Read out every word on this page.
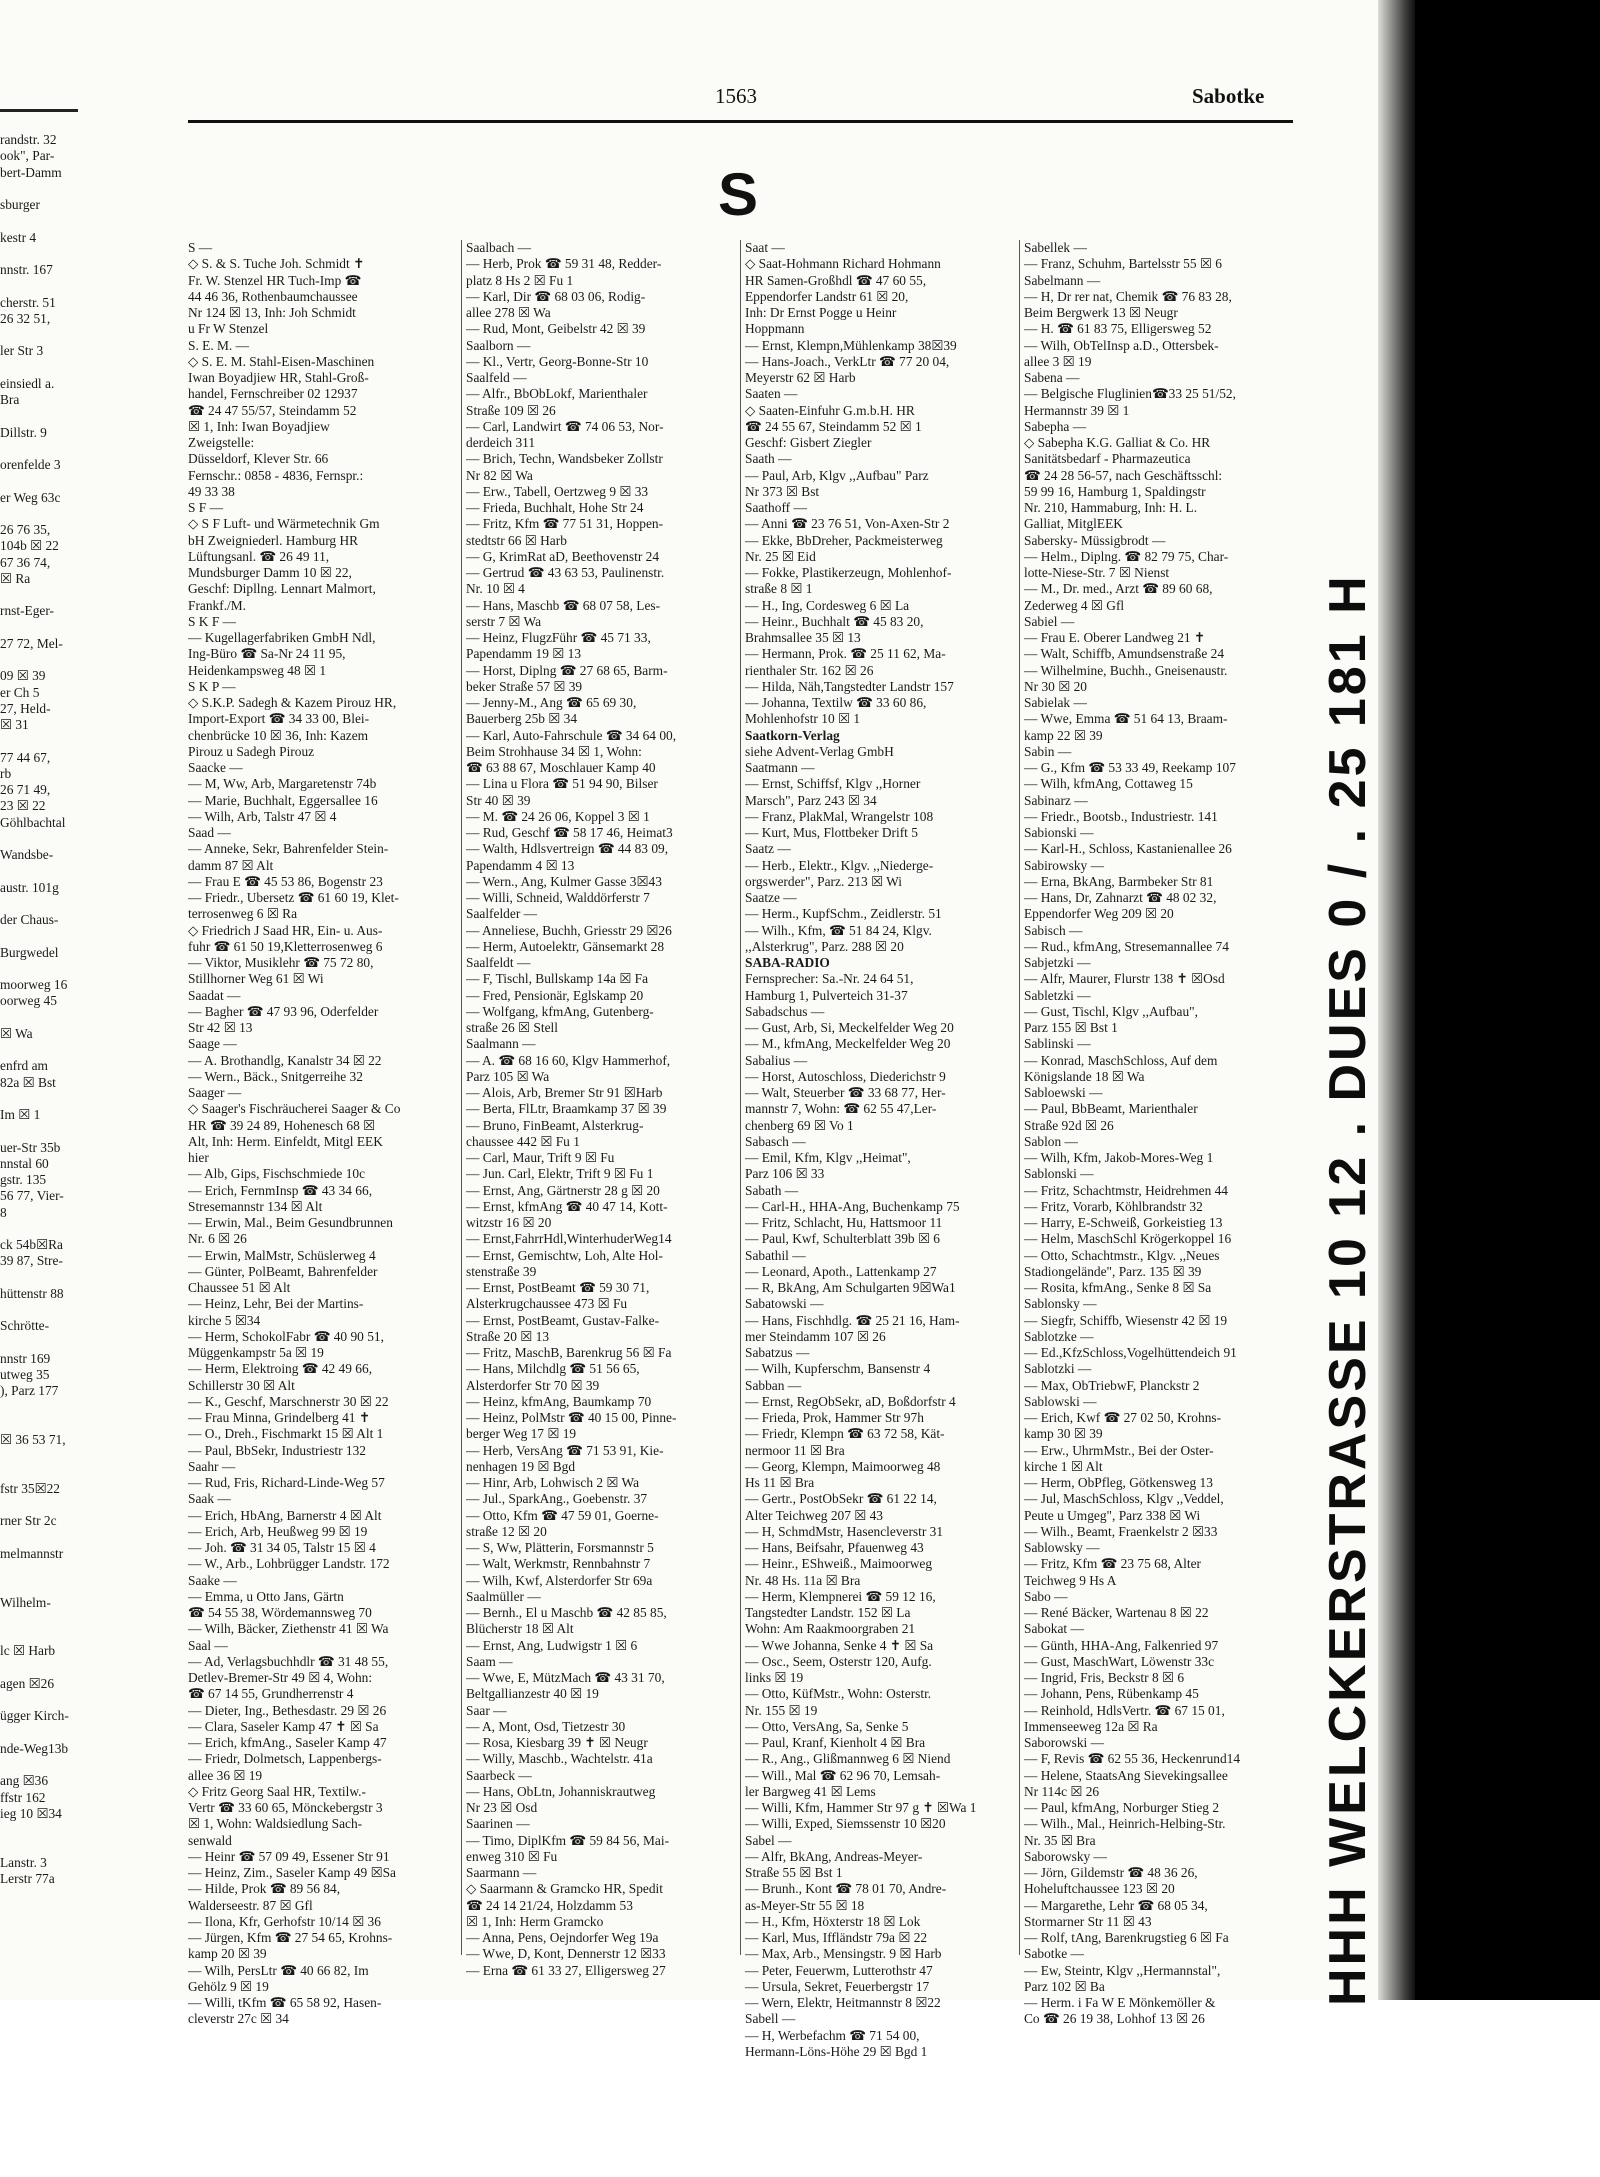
randstr. 32
ook", Par-
bert-Damm

sburger

kestr 4

nnstr. 167

cherstr. 51
26 32 51,

ler Str 3

einsiedl a.
Bra

Dillstr. 9

orenfelde 3

er Weg 63c

26 76 35,
104b ☒ 22
67 36 74,
☒ Ra

rnst-Eger-

27 72, Mel-

09 ☒ 39
er Ch 5
27, Held-
☒ 31

77 44 67,
rb
26 71 49,
23 ☒ 22
Göhlbachtal

Wandsbe-

austr. 101g

der Chaus-

Burgwedel

moorweg 16
oorweg 45

☒ Wa

enfrd am
82a ☒ Bst

Im ☒ 1

uer-Str 35b
nnstal 60
gstr. 135
56 77, Vier-
8

ck 54b☒Ra
39 87, Stre-

hüttenstr 88

Schrötte-

nnstr 169
utweg 35
), Parz 177

☒ 36 53 71,

fstr 35☒22

rner Str 2c

melmannstr

Wilhelm-

lc ☒ Harb

agen ☒26

ügger Kirch-

nde-Weg13b

ang ☒36
ffstr 162
ieg 10 ☒34

Lanstr. 3
Lerstr 77a
1563	Sabotke
S
S —
◇ S. & S. Tuche Joh. Schmidt ✝
Fr. W. Stenzel HR Tuch-Imp ☎
44 46 36, Rothenbaumchaussee
Nr 124 ☒ 13, Inh: Joh Schmidt
u Fr W Stenzel
S. E. M. —
◇ S. E. M. Stahl-Eisen-Maschinen
Iwan Boyadjiew HR, Stahl-Groß-
handel, Fernschreiber 02 12937
☎ 24 47 55/57, Steindamm 52
☒ 1, Inh: Iwan Boyadjiew
Zweigstelle:
Düsseldorf, Klever Str. 66
Fernschr.: 0858 - 4836, Fernspr.:
49 33 38
S F —
◇ S F Luft- und Wärmetechnik Gm
bH Zweigniederl. Hamburg HR
Lüftungsanl. ☎ 26 49 11,
Mundsburger Damm 10 ☒ 22,
Geschf: Dipllng. Lennart Malmort,
Frankf./M.
S K F —
— Kugellagerfabriken GmbH Ndl,
Ing-Büro ☎ Sa-Nr 24 11 95,
Heidenkampsweg 48 ☒ 1
S K P —
◇ S.K.P. Sadegh & Kazem Pirouz HR,
Import-Export ☎ 34 33 00, Blei-
chenbrücke 10 ☒ 36, Inh: Kazem
Pirouz u Sadegh Pirouz
Saacke —
— M, Ww, Arb, Margaretenstr 74b
— Marie, Buchhalt, Eggersallee 16
— Wilh, Arb, Talstr 47 ☒ 4
Saad —
— Anneke, Sekr, Bahrenfelder Stein-
damm 87 ☒ Alt
— Frau E ☎ 45 53 86, Bogenstr 23
— Friedr., Ubersetz ☎ 61 60 19, Klet-
terrosenweg 6 ☒ Ra
◇ Friedrich J Saad HR, Ein- u. Aus-
fuhr ☎ 61 50 19,Kletterrosenweg 6
— Viktor, Musiklehr ☎ 75 72 80,
Stillhorner Weg 61 ☒ Wi
Saadat —
— Bagher ☎ 47 93 96, Oderfelder
Str 42 ☒ 13
Saage —
— A. Brothandlg, Kanalstr 34 ☒ 22
— Wern., Bäck., Snitgerreihe 32
Saager —
◇ Saager's Fischräucherei Saager & Co
HR ☎ 39 24 89, Hohenesch 68 ☒
Alt, Inh: Herm. Einfeldt, Mitgl EEK
hier
— Alb, Gips, Fischschmiede 10c
— Erich, FernmInsp ☎ 43 34 66,
Stresemannstr 134 ☒ Alt
— Erwin, Mal., Beim Gesundbrunnen
Nr. 6 ☒ 26
— Erwin, MalMstr, Schüslerweg 4
— Günter, PolBeamt, Bahrenfelder
Chaussee 51 ☒ Alt
— Heinz, Lehr, Bei der Martins-
kirche 5 ☒34
— Herm, SchokolFabr ☎ 40 90 51,
Müggenkampstr 5a ☒ 19
— Herm, Elektroing ☎ 42 49 66,
Schillerstr 30 ☒ Alt
— K., Geschf, Marschnerstr 30 ☒ 22
— Frau Minna, Grindelberg 41 ✝
— O., Dreh., Fischmarkt 15 ☒ Alt 1
— Paul, BbSekr, Industriestr 132
Saahr —
— Rud, Fris, Richard-Linde-Weg 57
Saak —
— Erich, HbAng, Barnerstr 4 ☒ Alt
— Erich, Arb, Heußweg 99 ☒ 19
— Joh. ☎ 31 34 05, Talstr 15 ☒ 4
— W., Arb., Lohbrügger Landstr. 172
Saake —
— Emma, u Otto Jans, Gärtn
☎ 54 55 38, Wördemannsweg 70
— Wilh, Bäcker, Ziethenstr 41 ☒ Wa
Saal —
— Ad, Verlagsbuchhdlr ☎ 31 48 55,
Detlev-Bremer-Str 49 ☒ 4, Wohn:
☎ 67 14 55, Grundherrenstr 4
— Dieter, Ing., Bethesdastr. 29 ☒ 26
— Clara, Saseler Kamp 47 ✝ ☒ Sa
— Erich, kfmAng., Saseler Kamp 47
— Friedr, Dolmetsch, Lappenbergs-
allee 36 ☒ 19
◇ Fritz Georg Saal HR, Textilw.-
Vertr ☎ 33 60 65, Mönckebergstr 3
☒ 1, Wohn: Waldsiedlung Sach-
senwald
— Heinr ☎ 57 09 49, Essener Str 91
— Heinz, Zim., Saseler Kamp 49 ☒Sa
— Hilde, Prok ☎ 89 56 84,
Walderseestr. 87 ☒ Gfl
— Ilona, Kfr, Gerhofstr 10/14 ☒ 36
— Jürgen, Kfm ☎ 27 54 65, Krohns-
kamp 20 ☒ 39
— Wilh, PersLtr ☎ 40 66 82, Im
Gehölz 9 ☒ 19
— Willi, tKfm ☎ 65 58 92, Hasen-
cleverstr 27c ☒ 34
Saalbach —
— Herb, Prok ☎ 59 31 48, Redder-
platz 8 Hs 2 ☒ Fu 1
— Karl, Dir ☎ 68 03 06, Rodig-
allee 278 ☒ Wa
— Rud, Mont, Geibelstr 42 ☒ 39
Saalborn —
— Kl., Vertr, Georg-Bonne-Str 10
Saalfeld —
— Alfr., BbObLokf, Marienthaler
Straße 109 ☒ 26
— Carl, Landwirt ☎ 74 06 53, Nor-
derdeich 311
— Brich, Techn, Wandsbeker Zollstr
Nr 82 ☒ Wa
— Erw., Tabell, Oertzweg 9 ☒ 33
— Frieda, Buchhalt, Hohe Str 24
— Fritz, Kfm ☎ 77 51 31, Hoppen-
stedtstr 66 ☒ Harb
— G, KrimRat aD, Beethovenstr 24
— Gertrud ☎ 43 63 53, Paulinenstr.
Nr. 10 ☒ 4
— Hans, Maschb ☎ 68 07 58, Les-
serstr 7 ☒ Wa
— Heinz, FlugzFühr ☎ 45 71 33,
Papendamm 19 ☒ 13
— Horst, Diplng ☎ 27 68 65, Barm-
beker Straße 57 ☒ 39
— Jenny-M., Ang ☎ 65 69 30,
Bauerberg 25b ☒ 34
— Karl, Auto-Fahrschule ☎ 34 64 00,
Beim Strohhause 34 ☒ 1, Wohn:
☎ 63 88 67, Moschlauer Kamp 40
— Lina u Flora ☎ 51 94 90, Bilser
Str 40 ☒ 39
— M. ☎ 24 26 06, Koppel 3 ☒ 1
— Rud, Geschf ☎ 58 17 46, Heimat3
— Walth, Hdlsvertreign ☎ 44 83 09,
Papendamm 4 ☒ 13
— Wern., Ang, Kulmer Gasse 3☒43
— Willi, Schneid, Walddörferstr 7
Saalfelder —
— Anneliese, Buchh, Griesstr 29 ☒26
— Herm, Autoelektr, Gänsemarkt 28
Saalfeldt —
— F, Tischl, Bullskamp 14a ☒ Fa
— Fred, Pensionär, Eglskamp 20
— Wolfgang, kfmAng, Gutenberg-
straße 26 ☒ Stell
Saalmann —
— A. ☎ 68 16 60, Klgv Hammerhof,
Parz 105 ☒ Wa
— Alois, Arb, Bremer Str 91 ☒Harb
— Berta, FlLtr, Braamkamp 37 ☒ 39
— Bruno, FinBeamt, Alsterkrug-
chaussee 442 ☒ Fu 1
— Carl, Maur, Trift 9 ☒ Fu
— Jun. Carl, Elektr, Trift 9 ☒ Fu 1
— Ernst, Ang, Gärtnerstr 28 g ☒ 20
— Ernst, kfmAng ☎ 40 47 14, Kott-
witzstr 16 ☒ 20
— Ernst,FahrrHdl,WinterhuderWeg14
— Ernst, Gemischtw, Loh, Alte Hol-
stenstraße 39
— Ernst, PostBeamt ☎ 59 30 71,
Alsterkrugchaussee 473 ☒ Fu
— Ernst, PostBeamt, Gustav-Falke-
Straße 20 ☒ 13
— Fritz, MaschB, Barenkrug 56 ☒ Fa
— Hans, Milchdlg ☎ 51 56 65,
Alsterdorfer Str 70 ☒ 39
— Heinz, kfmAng, Baumkamp 70
— Heinz, PolMstr ☎ 40 15 00, Pinne-
berger Weg 17 ☒ 19
— Herb, VersAng ☎ 71 53 91, Kie-
nenhagen 19 ☒ Bgd
— Hinr, Arb, Lohwisch 2 ☒ Wa
— Jul., SparkAng., Goebenstr. 37
— Otto, Kfm ☎ 47 59 01, Goerne-
straße 12 ☒ 20
— S, Ww, Plätterin, Forsmannstr 5
— Walt, Werkmstr, Rennbahnstr 7
— Wilh, Kwf, Alsterdorfer Str 69a
Saalmüller —
— Bernh., El u Maschb ☎ 42 85 85,
Blücherstr 18 ☒ Alt
— Ernst, Ang, Ludwigstr 1 ☒ 6
Saam —
— Wwe, E, MützMach ☎ 43 31 70,
Beltgallianzestr 40 ☒ 19
Saar —
— A, Mont, Osd, Tietzestr 30
— Rosa, Kiesbarg 39 ✝ ☒ Neugr
— Willy, Maschb., Wachtelstr. 41a
Saarbeck —
— Hans, ObLtn, Johanniskrautweg
Nr 23 ☒ Osd
Saarinen —
— Timo, DiplKfm ☎ 59 84 56, Mai-
enweg 310 ☒ Fu
Saarmann —
◇ Saarmann & Gramcko HR, Spedit
☎ 24 14 21/24, Holzdamm 53
☒ 1, Inh: Herm Gramcko
— Anna, Pens, Oejndorfer Weg 19a
— Wwe, D, Kont, Dennerstr 12 ☒33
— Erna ☎ 61 33 27, Elligersweg 27
Saat —
◇ Saat-Hohmann Richard Hohmann
HR Samen-Großhdl ☎ 47 60 55,
Eppendorfer Landstr 61 ☒ 20,
Inh: Dr Ernst Pogge u Heinr
Hoppmann
— Ernst, Klempn,Mühlenkamp 38☒39
— Hans-Joach., VerkLtr ☎ 77 20 04,
Meyerstr 62 ☒ Harb
Saaten —
◇ Saaten-Einfuhr G.m.b.H. HR
☎ 24 55 67, Steindamm 52 ☒ 1
Geschf: Gisbert Ziegler
Saath —
— Paul, Arb, Klgv ,,Aufbau" Parz
Nr 373 ☒ Bst
Saathoff —
— Anni ☎ 23 76 51, Von-Axen-Str 2
— Ekke, BbDreher, Packmeisterweg
Nr. 25 ☒ Eid
— Fokke, Plastikerzeugn, Mohlenhof-
straße 8 ☒ 1
— H., Ing, Cordesweg 6 ☒ La
— Heinr., Buchhalt ☎ 45 83 20,
Brahmsallee 35 ☒ 13
— Hermann, Prok. ☎ 25 11 62, Ma-
rienthaler Str. 162 ☒ 26
— Hilda, Näh,Tangstedter Landstr 157
— Johanna, Textilw ☎ 33 60 86,
Mohlenhofstr 10 ☒ 1
Saatkorn-Verlag
siehe Advent-Verlag GmbH
Saatmann —
— Ernst, Schiffsf, Klgv ,,Horner
Marsch", Parz 243 ☒ 34
— Franz, PlakMal, Wrangelstr 108
— Kurt, Mus, Flottbeker Drift 5
Saatz —
— Herb., Elektr., Klgv. ,,Niederge-
orgswerder", Parz. 213 ☒ Wi
Saatze —
— Herm., KupfSchm., Zeidlerstr. 51
— Wilh., Kfm, ☎ 51 84 24, Klgv.
,,Alsterkrug", Parz. 288 ☒ 20
SABA-RADIO
Fernsprecher: Sa.-Nr. 24 64 51,
Hamburg 1, Pulverteich 31-37
Sabadschus —
— Gust, Arb, Si, Meckelfelder Weg 20
— M., kfmAng, Meckelfelder Weg 20
Sabalius —
— Horst, Autoschloss, Diederichstr 9
— Walt, Steuerber ☎ 33 68 77, Her-
mannstr 7, Wohn: ☎ 62 55 47,Ler-
chenberg 69 ☒ Vo 1
Sabasch —
— Emil, Kfm, Klgv ,,Heimat",
Parz 106 ☒ 33
Sabath —
— Carl-H., HHA-Ang, Buchenkamp 75
— Fritz, Schlacht, Hu, Hattsmoor 11
— Paul, Kwf, Schulterblatt 39b ☒ 6
Sabathil —
— Leonard, Apoth., Lattenkamp 27
— R, BkAng, Am Schulgarten 9☒Wa1
Sabatowski —
— Hans, Fischhdlg. ☎ 25 21 16, Ham-
mer Steindamm 107 ☒ 26
Sabatzus —
— Wilh, Kupferschm, Bansenstr 4
Sabban —
— Ernst, RegObSekr, aD, Boßdorfstr 4
— Frieda, Prok, Hammer Str 97h
— Friedr, Klempn ☎ 63 72 58, Kät-
nermoor 11 ☒ Bra
— Georg, Klempn, Maimoorweg 48
Hs 11 ☒ Bra
— Gertr., PostObSekr ☎ 61 22 14,
Alter Teichweg 207 ☒ 43
— H, SchmdMstr, Hasencleverstr 31
— Hans, Beifsahr, Pfauenweg 43
— Heinr., EShweiß., Maimoorweg
Nr. 48 Hs. 11a ☒ Bra
— Herm, Klempnerei ☎ 59 12 16,
Tangstedter Landstr. 152 ☒ La
Wohn: Am Raakmoorgraben 21
— Wwe Johanna, Senke 4 ✝ ☒ Sa
— Osc., Seem, Osterstr 120, Aufg.
links ☒ 19
— Otto, KüfMstr., Wohn: Osterstr.
Nr. 155 ☒ 19
— Otto, VersAng, Sa, Senke 5
— Paul, Kranf, Kienholt 4 ☒ Bra
— R., Ang., Glißmannweg 6 ☒ Niend
— Will., Mal ☎ 62 96 70, Lemsah-
ler Bargweg 41 ☒ Lems
— Willi, Kfm, Hammer Str 97 g ✝ ☒Wa 1
— Willi, Exped, Siemssenstr 10 ☒20
Sabel —
— Alfr, BkAng, Andreas-Meyer-
Straße 55 ☒ Bst 1
— Brunh., Kont ☎ 78 01 70, Andre-
as-Meyer-Str 55 ☒ 18
— H., Kfm, Höxterstr 18 ☒ Lok
— Karl, Mus, Iffländstr 79a ☒ 22
— Max, Arb., Mensingstr. 9 ☒ Harb
— Peter, Feuerwm, Lutterothstr 47
— Ursula, Sekret, Feuerbergstr 17
— Wern, Elektr, Heitmannstr 8 ☒22
Sabell —
— H, Werbefachm ☎ 71 54 00,
Hermann-Löns-Höhe 29 ☒ Bgd 1
Sabellek —
— Franz, Schuhm, Bartelsstr 55 ☒ 6
Sabelmann —
— H, Dr rer nat, Chemik ☎ 76 83 28,
Beim Bergwerk 13 ☒ Neugr
— H. ☎ 61 83 75, Elligersweg 52
— Wilh, ObTelInsp a.D., Ottersbek-
allee 3 ☒ 19
Sabena —
— Belgische Fluglinien☎33 25 51/52,
Hermannstr 39 ☒ 1
Sabepha —
◇ Sabepha K.G. Galliat & Co. HR
Sanitätsbedarf - Pharmazeutica
☎ 24 28 56-57, nach Geschäftsschl:
59 99 16, Hamburg 1, Spaldingstr
Nr. 210, Hammaburg, Inh: H. L.
Galliat, MitglEEK
Sabersky- Müssigbrodt —
— Helm., Diplng. ☎ 82 79 75, Char-
lotte-Niese-Str. 7 ☒ Nienst
— M., Dr. med., Arzt ☎ 89 60 68,
Zederweg 4 ☒ Gfl
Sabiel —
— Frau E. Oberer Landweg 21 ✝
— Walt, Schiffb, Amundsenstraße 24
— Wilhelmine, Buchh., Gneisenaustr.
Nr 30 ☒ 20
Sabielak —
— Wwe, Emma ☎ 51 64 13, Braam-
kamp 22 ☒ 39
Sabin —
— G., Kfm ☎ 53 33 49, Reekamp 107
— Wilh, kfmAng, Cottaweg 15
Sabinarz —
— Friedr., Bootsb., Industriestr. 141
Sabionski —
— Karl-H., Schloss, Kastanienallee 26
Sabirowsky —
— Erna, BkAng, Barmbeker Str 81
— Hans, Dr, Zahnarzt ☎ 48 02 32,
Eppendorfer Weg 209 ☒ 20
Sabisch —
— Rud., kfmAng, Stresemannallee 74
Sabjetzki —
— Alfr, Maurer, Flurstr 138 ✝ ☒Osd
Sabletzki —
— Gust, Tischl, Klgv ,,Aufbau",
Parz 155 ☒ Bst 1
Sablinski —
— Konrad, MaschSchloss, Auf dem
Königslande 18 ☒ Wa
Sabloewski —
— Paul, BbBeamt, Marienthaler
Straße 92d ☒ 26
Sablon —
— Wilh, Kfm, Jakob-Mores-Weg 1
Sablonski —
— Fritz, Schachtmstr, Heidrehmen 44
— Fritz, Vorarb, Köhlbrandstr 32
— Harry, E-Schweiß, Gorkeistieg 13
— Helm, MaschSchl Krögerkoppel 16
— Otto, Schachtmstr., Klgv. ,,Neues
Stadiongelände", Parz. 135 ☒ 39
— Rosita, kfmAng., Senke 8 ☒ Sa
Sablonsky —
— Siegfr, Schiffb, Wiesenstr 42 ☒ 19
Sablotzke —
— Ed.,KfzSchloss,Vogelhüttendeich 91
Sablotzki —
— Max, ObTriebwF, Planckstr 2
Sablowski —
— Erich, Kwf ☎ 27 02 50, Krohns-
kamp 30 ☒ 39
— Erw., UhrmMstr., Bei der Oster-
kirche 1 ☒ Alt
— Herm, ObPfleg, Götkensweg 13
— Jul, MaschSchloss, Klgv ,,Veddel,
Peute u Umgeg", Parz 338 ☒ Wi
— Wilh., Beamt, Fraenkelstr 2 ☒33
Sablowsky —
— Fritz, Kfm ☎ 23 75 68, Alter
Teichweg 9 Hs A
Sabo —
— René Bäcker, Wartenau 8 ☒ 22
Sabokat —
— Günth, HHA-Ang, Falkenried 97
— Gust, MaschWart, Löwenstr 33c
— Ingrid, Fris, Beckstr 8 ☒ 6
— Johann, Pens, Rübenkamp 45
— Reinhold, HdlsVertr. ☎ 67 15 01,
Immenseeweg 12a ☒ Ra
Saborowski —
— F, Revis ☎ 62 55 36, Heckenrund14
— Helene, StaatsAng Sievekingsallee
Nr 114c ☒ 26
— Paul, kfmAng, Norburger Stieg 2
— Wilh., Mal., Heinrich-Helbing-Str.
Nr. 35 ☒ Bra
Saborowsky —
— Jörn, Gildemstr ☎ 48 36 26,
Hoheluftchaussee 123 ☒ 20
— Margarethe, Lehr ☎ 68 05 34,
Stormarner Str 11 ☒ 43
— Rolf, tAng, Barenkrugstieg 6 ☒ Fa
Sabotke —
— Ew, Steintr, Klgv ,,Hermannstal",
Parz 102 ☒ Ba
— Herm. i Fa W E Mönkemöller &
Co ☎ 26 19 38, Lohhof 13 ☒ 26
HHH WELCKERSTRASSE 10 12 . DUES 0 / . 25 181 H
